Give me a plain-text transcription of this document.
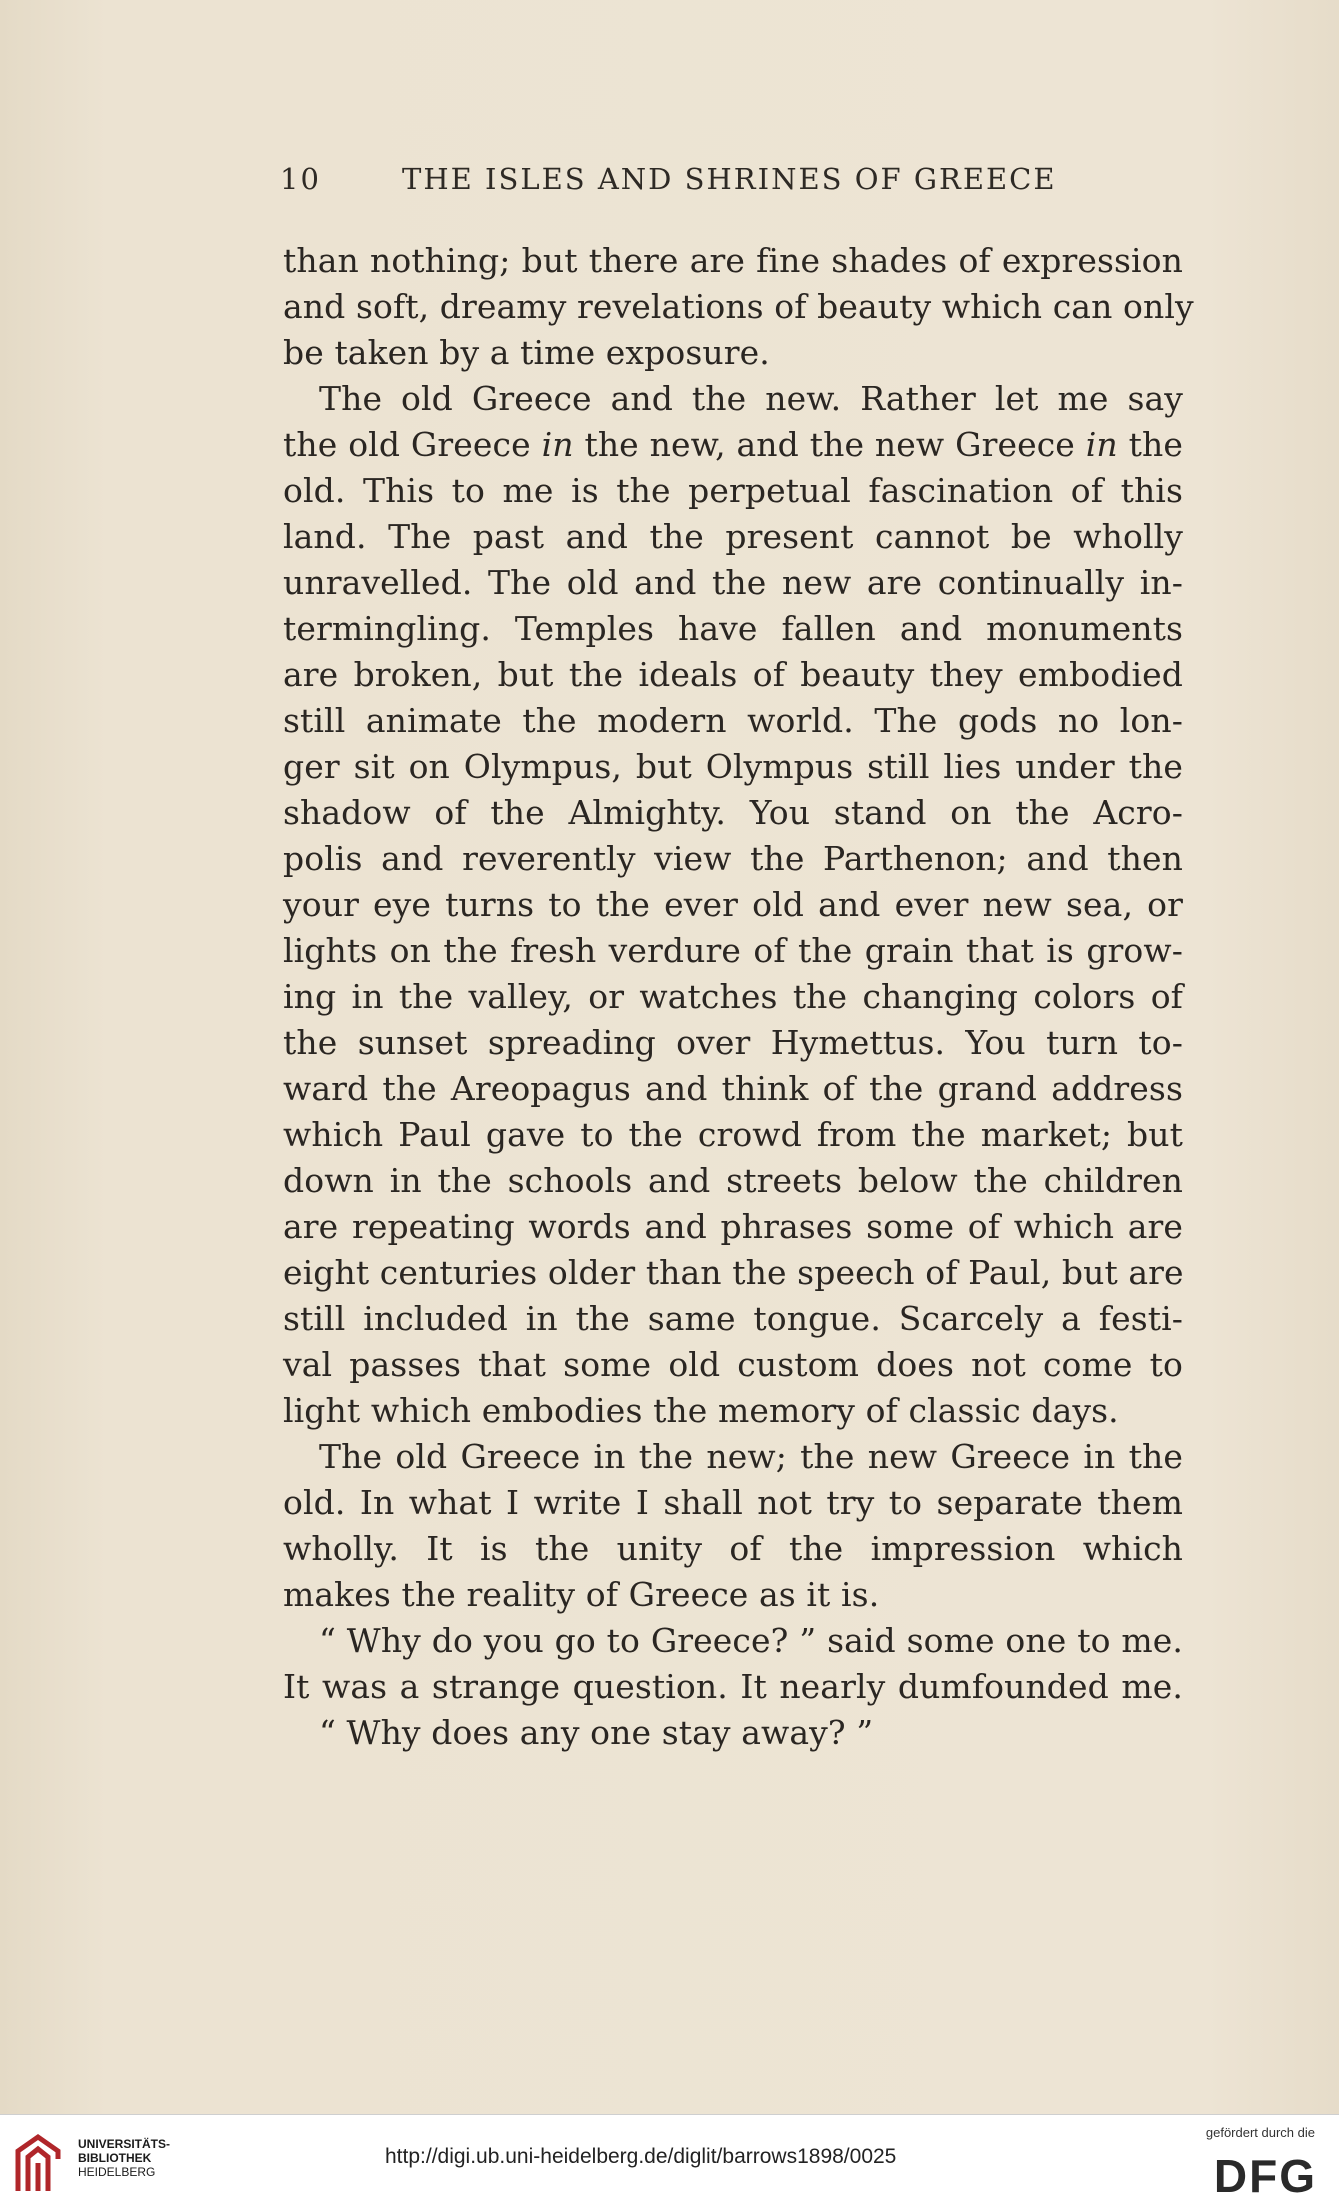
10	THE ISLES AND SHRINES OF GREECE
than nothing; but there are fine shades of expression
and soft, dreamy revelations of beauty which can only
be taken by a time exposure.
The old Greece and the new. Rather let me say
the old Greece in the new, and the new Greece in the
old. This to me is the perpetual fascination of this
land. The past and the present cannot be wholly
unravelled. The old and the new are continually in-
termingling. Temples have fallen and monuments
are broken, but the ideals of beauty they embodied
still animate the modern world. The gods no lon-
ger sit on Olympus, but Olympus still lies under the
shadow of the Almighty. You stand on the Acro-
polis and reverently view the Parthenon; and then
your eye turns to the ever old and ever new sea, or
lights on the fresh verdure of the grain that is grow-
ing in the valley, or watches the changing colors of
the sunset spreading over Hymettus. You turn to-
ward the Areopagus and think of the grand address
which Paul gave to the crowd from the market; but
down in the schools and streets below the children
are repeating words and phrases some of which are
eight centuries older than the speech of Paul, but are
still included in the same tongue. Scarcely a festi-
val passes that some old custom does not come to
light which embodies the memory of classic days.
The old Greece in the new; the new Greece in the
old. In what I write I shall not try to separate them
wholly. It is the unity of the impression which
makes the reality of Greece as it is.
“ Why do you go to Greece? ” said some one to me.
It was a strange question. It nearly dumfounded me.
“ Why does any one stay away? ”
UNIVERSITÄTS-
BIBLIOTHEK
HEIDELBERG
http://digi.ub.uni-heidelberg.de/diglit/barrows1898/0025
gefördert durch die
DFG
